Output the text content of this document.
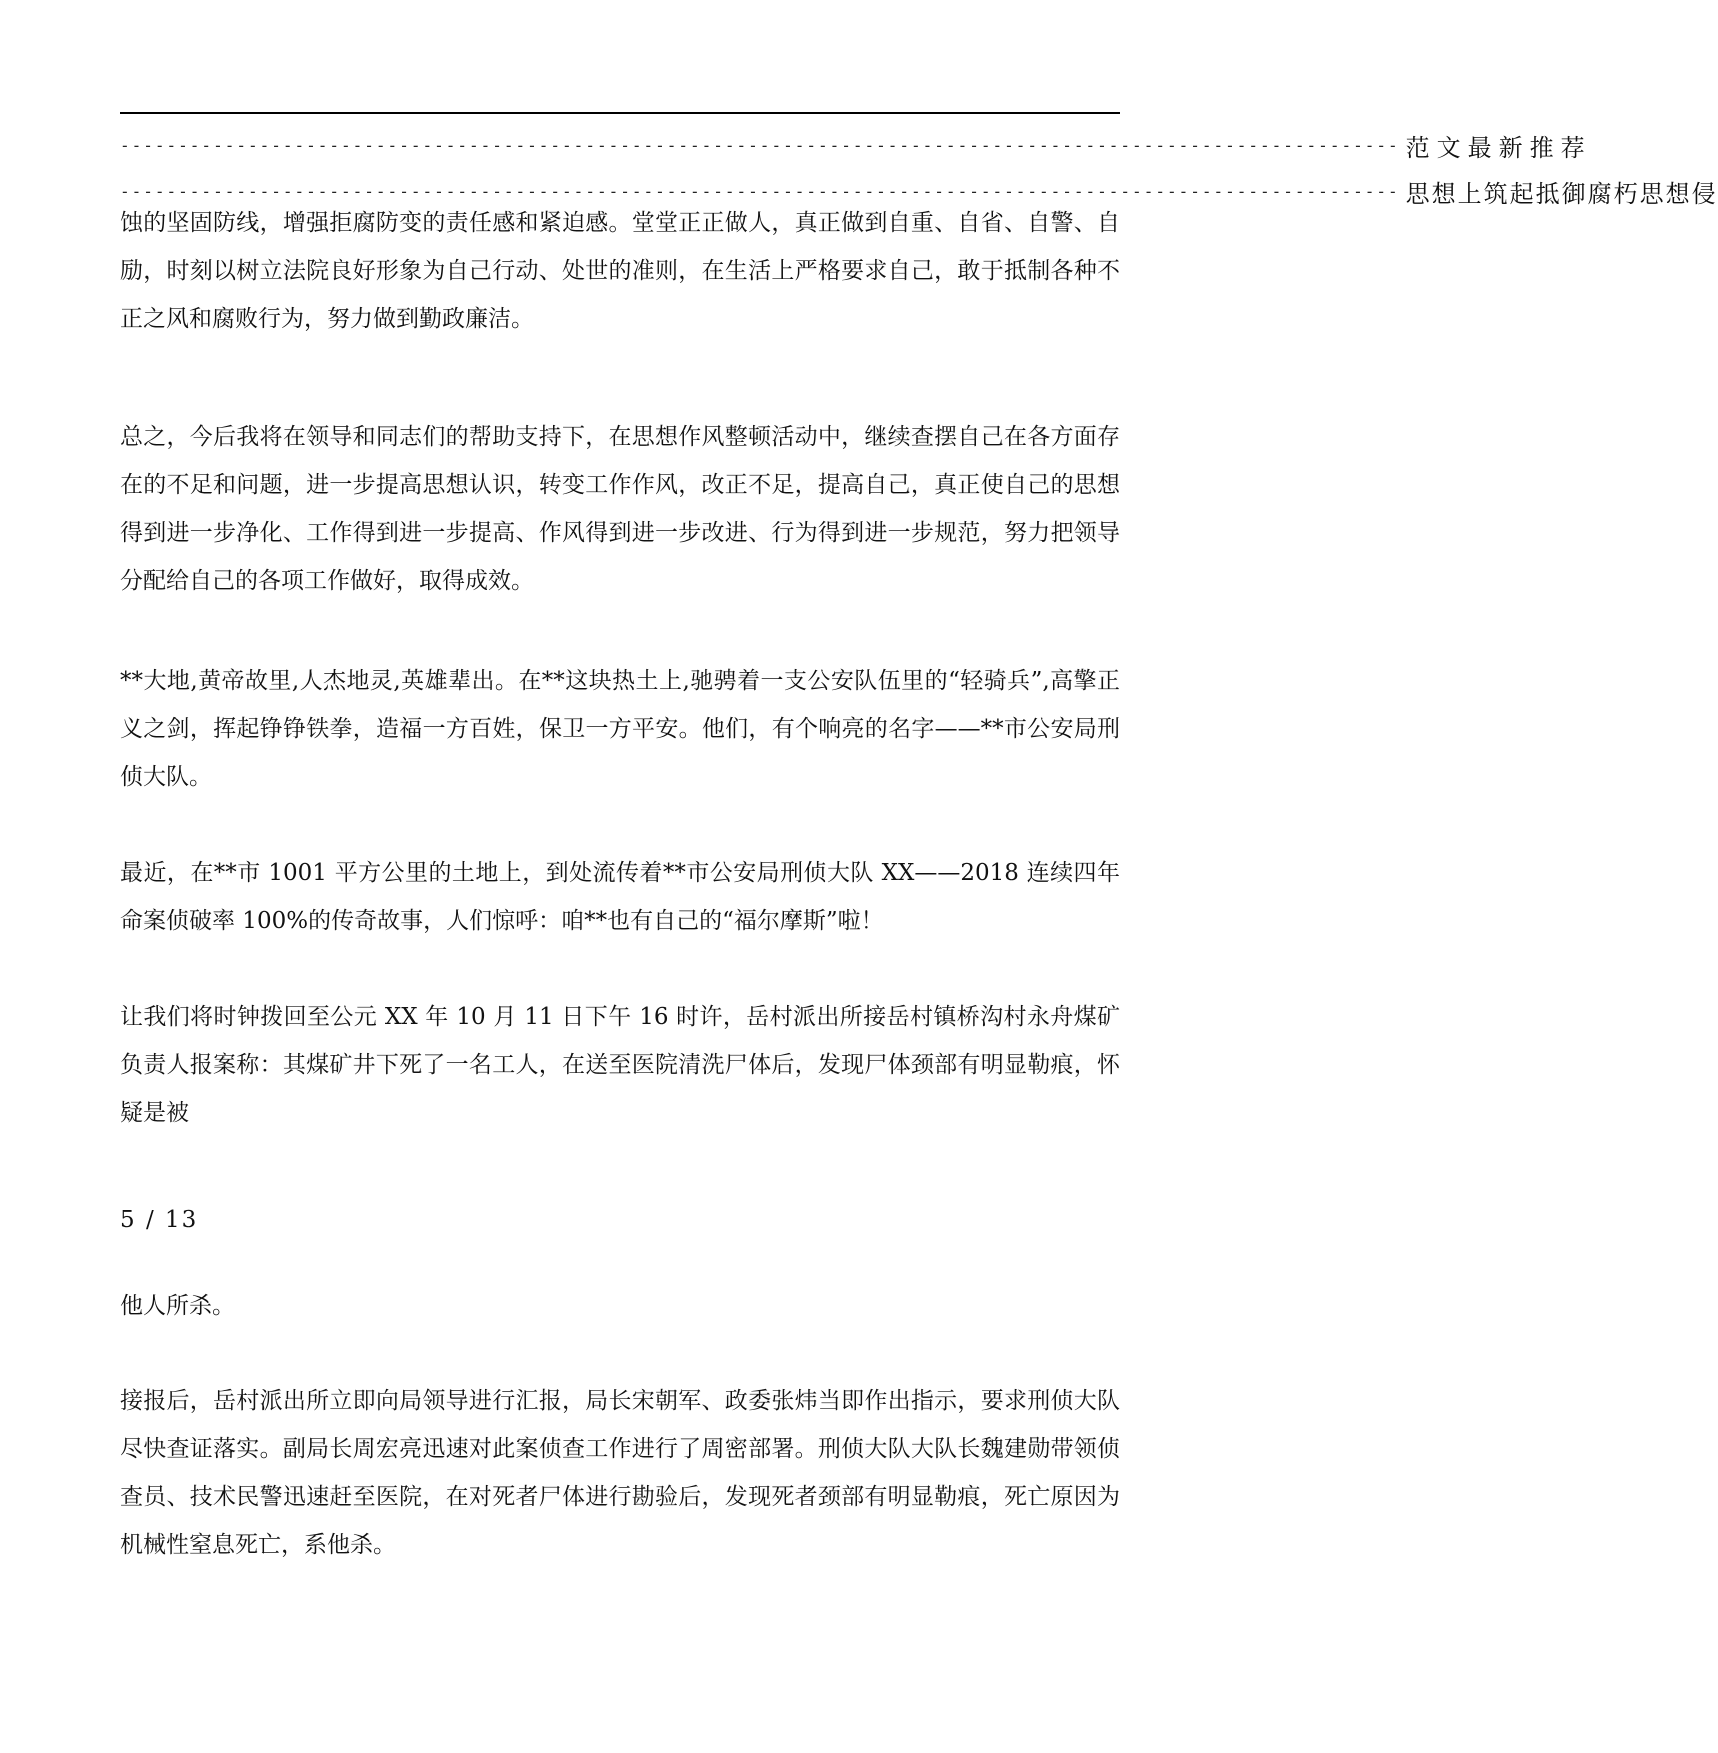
-------------------------------------------------------------------------------------------------------------- 范文最新推荐
-------------------------------------------------------------------------------------------------------------- 思想上筑起抵御腐朽思想侵

蚀的坚固防线，增强拒腐防变的责任感和紧迫感。堂堂正正做人，真正做到自重、自省、自警、自励，时刻以树立法院良好形象为自己行动、处世的准则，在生活上严格要求自己，敢于抵制各种不正之风和腐败行为，努力做到勤政廉洁。

总之，今后我将在领导和同志们的帮助支持下，在思想作风整顿活动中，继续查摆自己在各方面存在的不足和问题，进一步提高思想认识，转变工作作风，改正不足，提高自己，真正使自己的思想得到进一步净化、工作得到进一步提高、作风得到进一步改进、行为得到进一步规范，努力把领导分配给自己的各项工作做好，取得成效。

**大地,黄帝故里,人杰地灵,英雄辈出。在**这块热土上,驰骋着一支公安队伍里的“轻骑兵”,高擎正义之剑，挥起铮铮铁拳，造福一方百姓，保卫一方平安。他们，有个响亮的名字——**市公安局刑侦大队。

最近，在**市 1001 平方公里的土地上，到处流传着**市公安局刑侦大队 XX——2018 连续四年命案侦破率 100%的传奇故事，人们惊呼：咱**也有自己的“福尔摩斯”啦！

让我们将时钟拨回至公元 XX 年 10 月 11 日下午 16 时许，岳村派出所接岳村镇桥沟村永舟煤矿负责人报案称：其煤矿井下死了一名工人，在送至医院清洗尸体后，发现尸体颈部有明显勒痕，怀疑是被

5 / 13

他人所杀。

接报后，岳村派出所立即向局领导进行汇报，局长宋朝军、政委张炜当即作出指示，要求刑侦大队尽快查证落实。副局长周宏亮迅速对此案侦查工作进行了周密部署。刑侦大队大队长魏建勋带领侦查员、技术民警迅速赶至医院，在对死者尸体进行勘验后，发现死者颈部有明显勒痕，死亡原因为机械性窒息死亡，系他杀。
